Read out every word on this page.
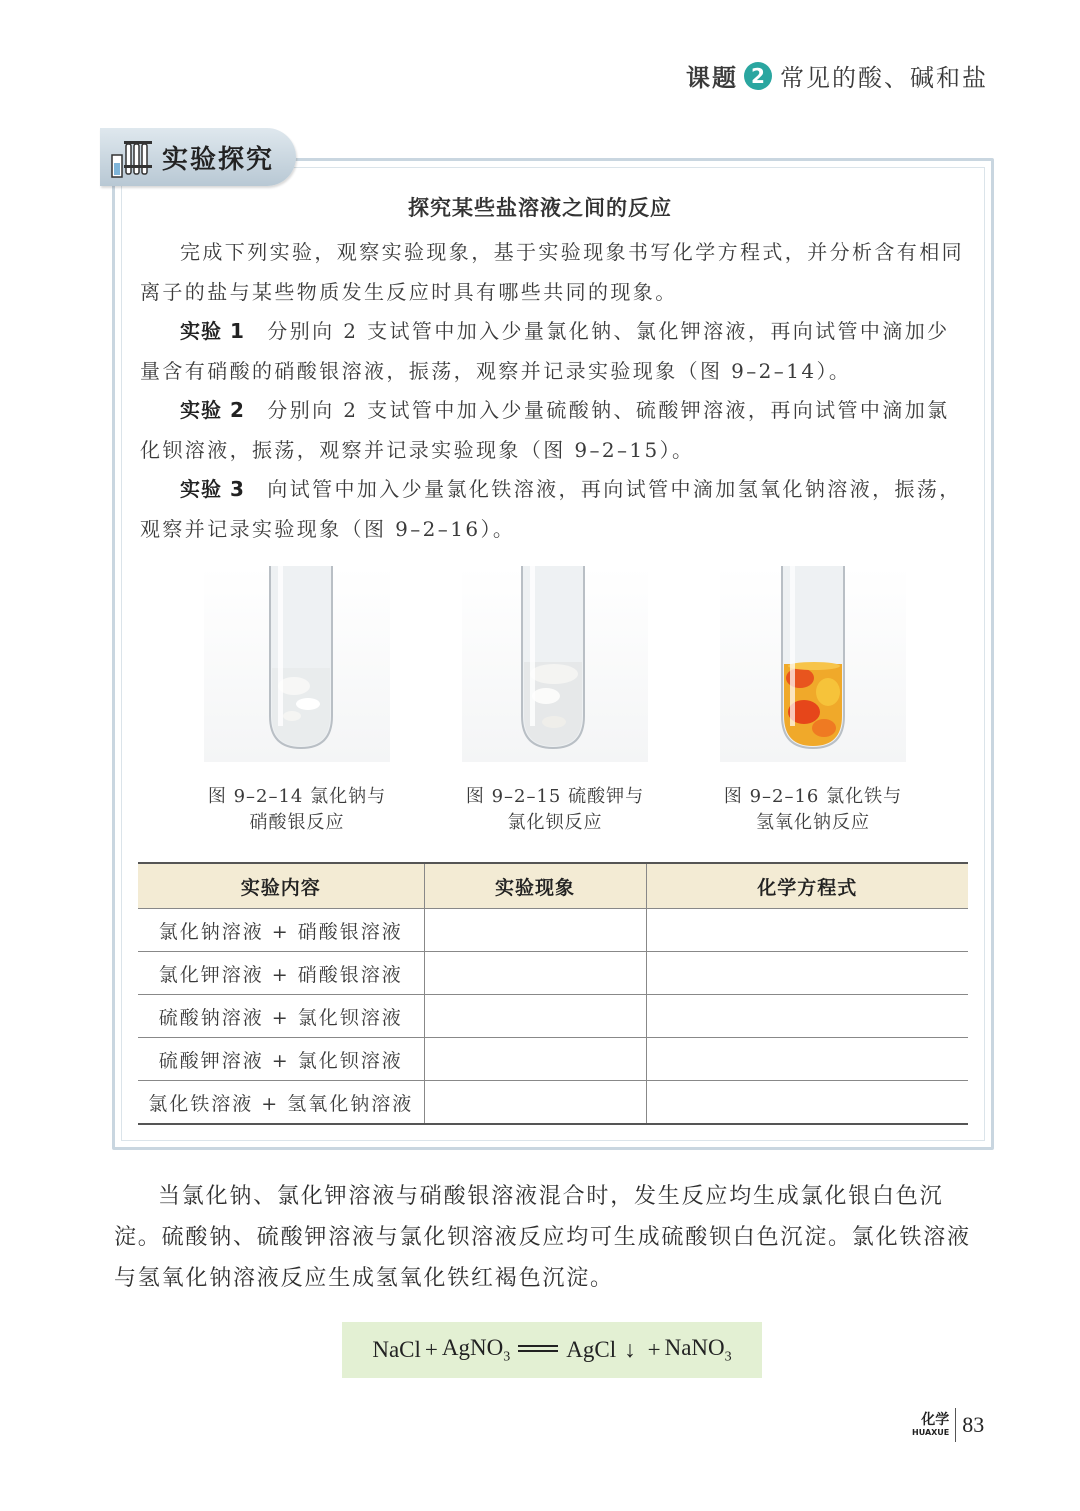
课题 2 常见的酸、碱和盐
实验探究
探究某些盐溶液之间的反应

完成下列实验，观察实验现象，基于实验现象书写化学方程式，并分析含有相同离子的盐与某些物质发生反应时具有哪些共同的现象。

实验 1　 分别向 2 支试管中加入少量氯化钠、氯化钾溶液，再向试管中滴加少量含有硝酸的硝酸银溶液，振荡，观察并记录实验现象（图 9–2–14）。

实验 2　 分别向 2 支试管中加入少量硫酸钠、硫酸钾溶液，再向试管中滴加氯化钡溶液，振荡，观察并记录实验现象（图 9–2–15）。

实验 3　 向试管中加入少量氯化铁溶液，再向试管中滴加氢氧化钠溶液，振荡，观察并记录实验现象（图 9–2–16）。

图 9–2–14 氯化钠与
硝酸银反应
图 9–2–15 硫酸钾与
氯化钡反应
图 9–2–16 氯化铁与
氢氧化钠反应
实验内容	实验现象	化学方程式
氯化钠溶液 + 硝酸银溶液		
氯化钾溶液 + 硝酸银溶液		
硫酸钠溶液 + 氯化钡溶液		
硫酸钾溶液 + 氯化钡溶液		
氯化铁溶液 + 氢氧化钠溶液		

当氯化钠、氯化钾溶液与硝酸银溶液混合时，发生反应均生成氯化银白色沉淀。硫酸钠、硫酸钾溶液与氯化钡溶液反应均可生成硫酸钡白色沉淀。氯化铁溶液与氢氧化钠溶液反应生成氢氧化铁红褐色沉淀。

NaCl + AgNO$_3$ AgCl ↓ + NaNO$_3$
化学
HUAXUE 83
